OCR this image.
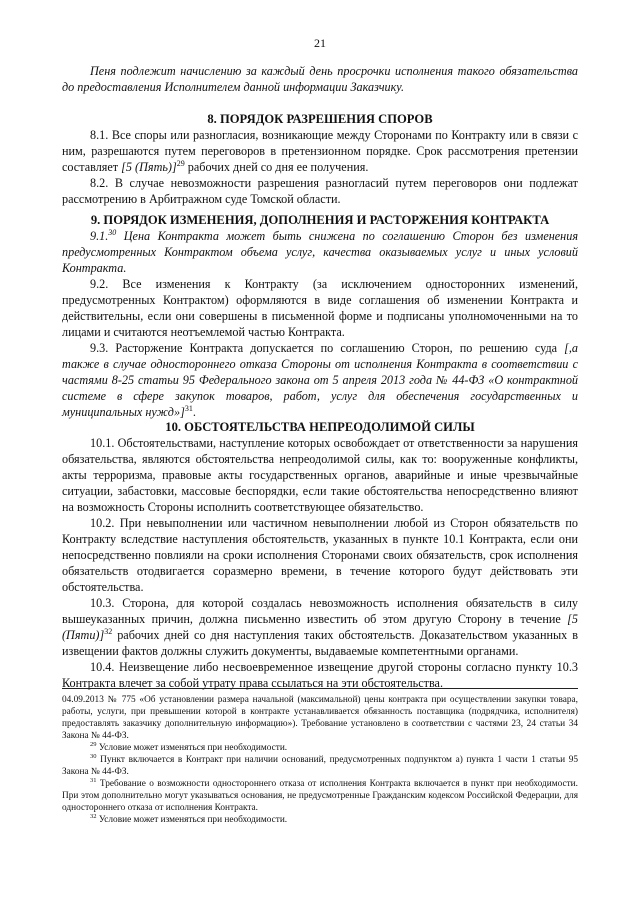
21

Пеня подлежит начислению за каждый день просрочки исполнения такого обязательства до предоставления Исполнителем данной информации Заказчику.

8. ПОРЯДОК РАЗРЕШЕНИЯ СПОРОВ

8.1. Все споры или разногласия, возникающие между Сторонами по Контракту или в связи с ним, разрешаются путем переговоров в претензионном порядке. Срок рассмотрения претензии составляет [5 (Пять)]$^{29}$ рабочих дней со дня ее получения.

8.2. В случае невозможности разрешения разногласий путем переговоров они подлежат рассмотрению в Арбитражном суде Томской области.

9. ПОРЯДОК ИЗМЕНЕНИЯ, ДОПОЛНЕНИЯ И РАСТОРЖЕНИЯ КОНТРАКТА

9.1.30 Цена Контракта может быть снижена по соглашению Сторон без изменения предусмотренных Контрактом объема услуг, качества оказываемых услуг и иных условий Контракта.

9.2. Все изменения к Контракту (за исключением односторонних изменений, предусмотренных Контрактом) оформляются в виде соглашения об изменении Контракта и действительны, если они совершены в письменной форме и подписаны уполномоченными на то лицами и считаются неотъемлемой частью Контракта.

9.3. Расторжение Контракта допускается по соглашению Сторон, по решению суда [,а также в случае одностороннего отказа Стороны от исполнения Контракта в соответствии с частями 8-25 статьи 95 Федерального закона от 5 апреля 2013 года № 44-ФЗ «О контрактной системе в сфере закупок товаров, работ, услуг для обеспечения государственных и муниципальных нужд»]$^{31}$.

10. ОБСТОЯТЕЛЬСТВА НЕПРЕОДОЛИМОЙ СИЛЫ

10.1. Обстоятельствами, наступление которых освобождает от ответственности за нарушения обязательства, являются обстоятельства непреодолимой силы, как то: вооруженные конфликты, акты терроризма, правовые акты государственных органов, аварийные и иные чрезвычайные ситуации, забастовки, массовые беспорядки, если такие обстоятельства непосредственно влияют на возможность Стороны исполнить соответствующее обязательство.

10.2. При невыполнении или частичном невыполнении любой из Сторон обязательств по Контракту вследствие наступления обстоятельств, указанных в пункте 10.1 Контракта, если они непосредственно повлияли на сроки исполнения Сторонами своих обязательств, срок исполнения обязательств отодвигается соразмерно времени, в течение которого будут действовать эти обстоятельства.

10.3. Сторона, для которой создалась невозможность исполнения обязательств в силу вышеуказанных причин, должна письменно известить об этом другую Сторону в течение [5 (Пяти)]$^{32}$ рабочих дней со дня наступления таких обстоятельств. Доказательством указанных в извещении фактов должны служить документы, выдаваемые компетентными органами.

10.4. Неизвещение либо несвоевременное извещение другой стороны согласно пункту 10.3 Контракта влечет за собой утрату права ссылаться на эти обстоятельства.

04.09.2013 № 775 «Об установлении размера начальной (максимальной) цены контракта при осуществлении закупки товара, работы, услуги, при превышении которой в контракте устанавливается обязанность поставщика (подрядчика, исполнителя) предоставлять заказчику дополнительную информацию»). Требование установлено в соответствии с частями 23, 24 статьи 34 Закона № 44-ФЗ.

$^{29}$ Условие может изменяться при необходимости.

$^{30}$ Пункт включается в Контракт при наличии оснований, предусмотренных подпунктом а) пункта 1 части 1 статьи 95 Закона № 44-ФЗ.

$^{31}$ Требование о возможности одностороннего отказа от исполнения Контракта включается в пункт при необходимости. При этом дополнительно могут указываться основания, не предусмотренные Гражданским кодексом Российской Федерации, для одностороннего отказа от исполнения Контракта.

$^{32}$ Условие может изменяться при необходимости.
